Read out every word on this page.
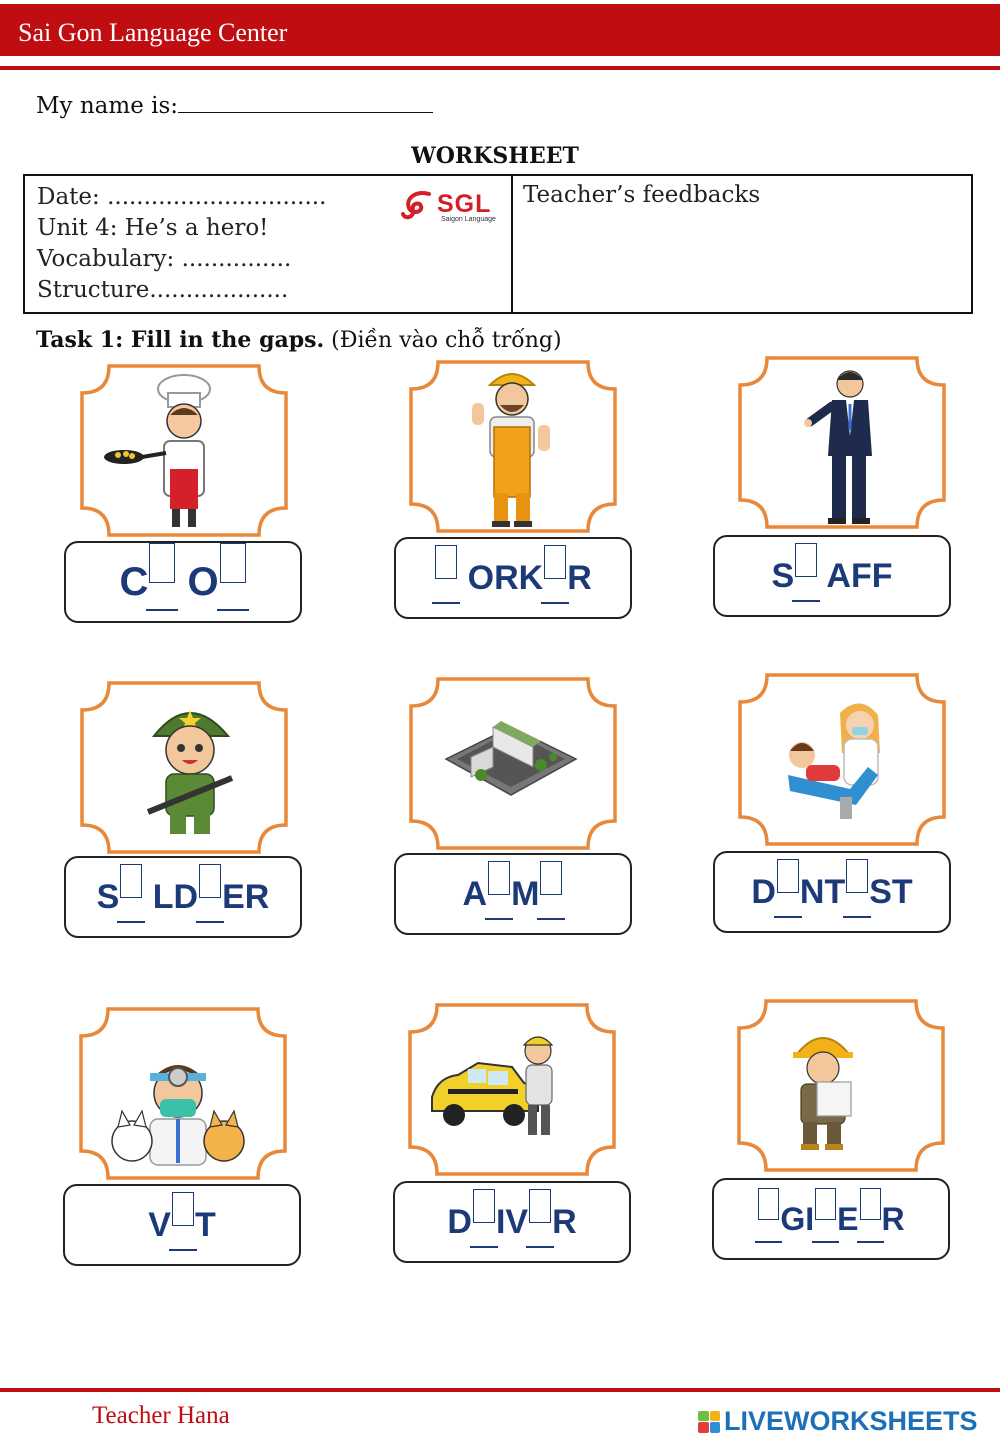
Sai Gon Language Center
My name is:
WORKSHEET
Date: ..............................
Unit 4: He’s a hero!
Vocabulary: ...............
Structure...................
SGL
Saigon Language
Teacher’s feedbacks
Task 1: Fill in the gaps. (Điền vào chỗ trống)
C O	ORK R	S AFF
S LD ER	A M	D NT ST
V T	D IV R	GI E R
Teacher Hana	LIVEWORKSHEETS
